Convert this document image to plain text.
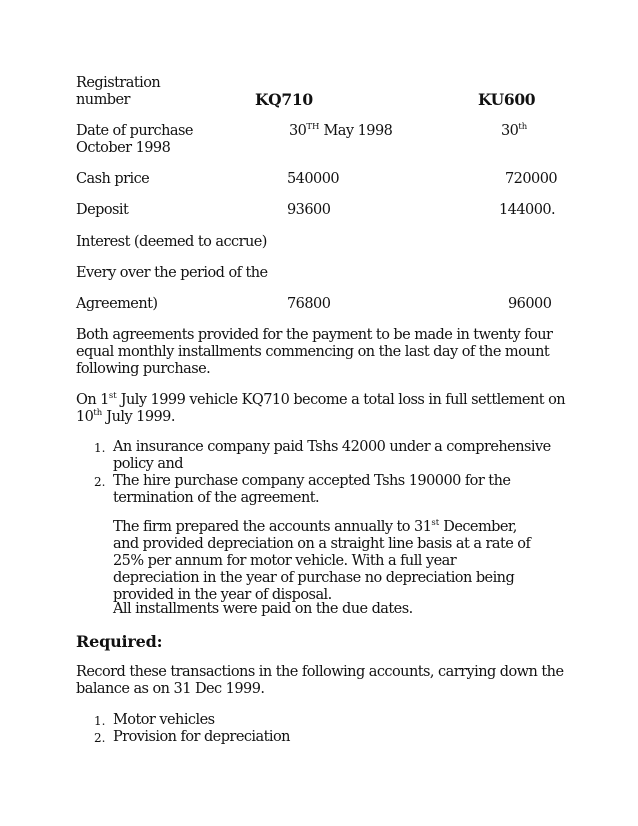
Registration
number	KQ710	KU600
Date of purchase	30TH May 1998	30th
October 1998
Cash price	540000	720000
Deposit	93600	144000.
Interest (deemed to accrue)
Every over the period of the
Agreement)	76800	96000
Both agreements provided for the payment to be made in twenty four equal monthly installments commencing on the last day of the mount following purchase.
On 1st July 1999 vehicle KQ710 become a total loss in full settlement on 10th July 1999.
1. An insurance company paid Tshs 42000 under a comprehensive policy and
2. The hire purchase company accepted Tshs 190000 for the termination of the agreement.
The firm prepared the accounts annually to 31st December, and provided depreciation on a straight line basis at a rate of 25% per annum for motor vehicle. With a full year depreciation in the year of purchase no depreciation being provided in the year of disposal.
All installments were paid on the due dates.
Required:
Record these transactions in the following accounts, carrying down the balance as on 31 Dec 1999.
1. Motor vehicles
2. Provision for depreciation
